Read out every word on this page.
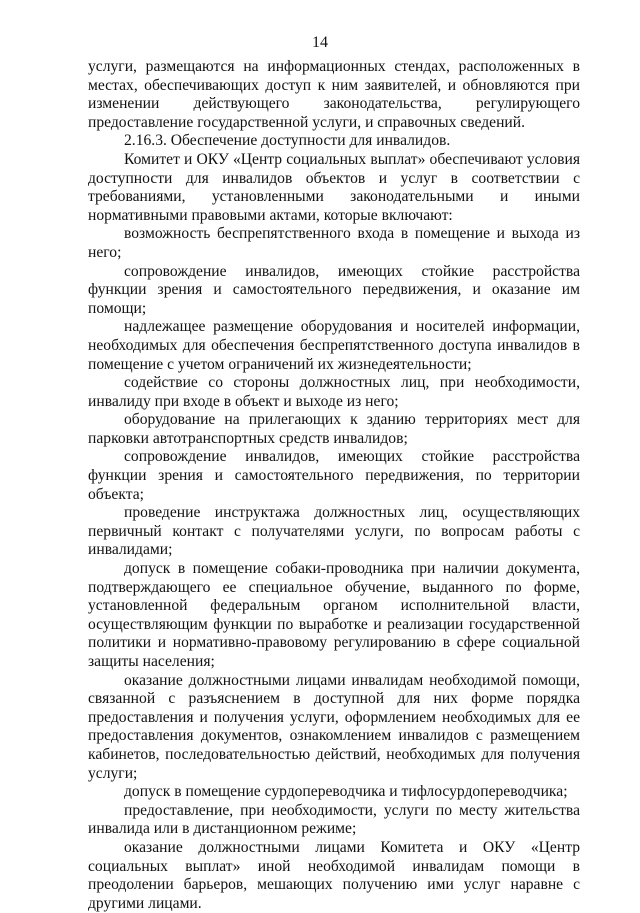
14

услуги, размещаются на информационных стендах, расположенных в местах, обеспечивающих доступ к ним заявителей, и обновляются при изменении действующего законодательства, регулирующего предоставление государственной услуги, и справочных сведений.

2.16.3. Обеспечение доступности для инвалидов.

Комитет и ОКУ «Центр социальных выплат» обеспечивают условия доступности для инвалидов объектов и услуг в соответствии с требованиями, установленными законодательными и иными нормативными правовыми актами, которые включают:

возможность беспрепятственного входа в помещение и выхода из него;

сопровождение инвалидов, имеющих стойкие расстройства функции зрения и самостоятельного передвижения, и оказание им помощи;

надлежащее размещение оборудования и носителей информации, необходимых для обеспечения беспрепятственного доступа инвалидов в помещение с учетом ограничений их жизнедеятельности;

содействие со стороны должностных лиц, при необходимости, инвалиду при входе в объект и выходе из него;

оборудование на прилегающих к зданию территориях мест для парковки автотранспортных средств инвалидов;

сопровождение инвалидов, имеющих стойкие расстройства функции зрения и самостоятельного передвижения, по территории объекта;

проведение инструктажа должностных лиц, осуществляющих первичный контакт с получателями услуги, по вопросам работы с инвалидами;

допуск в помещение собаки-проводника при наличии документа, подтверждающего ее специальное обучение, выданного по форме, установленной федеральным органом исполнительной власти, осуществляющим функции по выработке и реализации государственной политики и нормативно-правовому регулированию в сфере социальной защиты населения;

оказание должностными лицами инвалидам необходимой помощи, связанной с разъяснением в доступной для них форме порядка предоставления и получения услуги, оформлением необходимых для ее предоставления документов, ознакомлением инвалидов с размещением кабинетов, последовательностью действий, необходимых для получения услуги;

допуск в помещение сурдопереводчика и тифлосурдопереводчика;

предоставление, при необходимости, услуги по месту жительства инвалида или в дистанционном режиме;

оказание должностными лицами Комитета и ОКУ «Центр социальных выплат» иной необходимой инвалидам помощи в преодолении барьеров, мешающих получению ими услуг наравне с другими лицами.
